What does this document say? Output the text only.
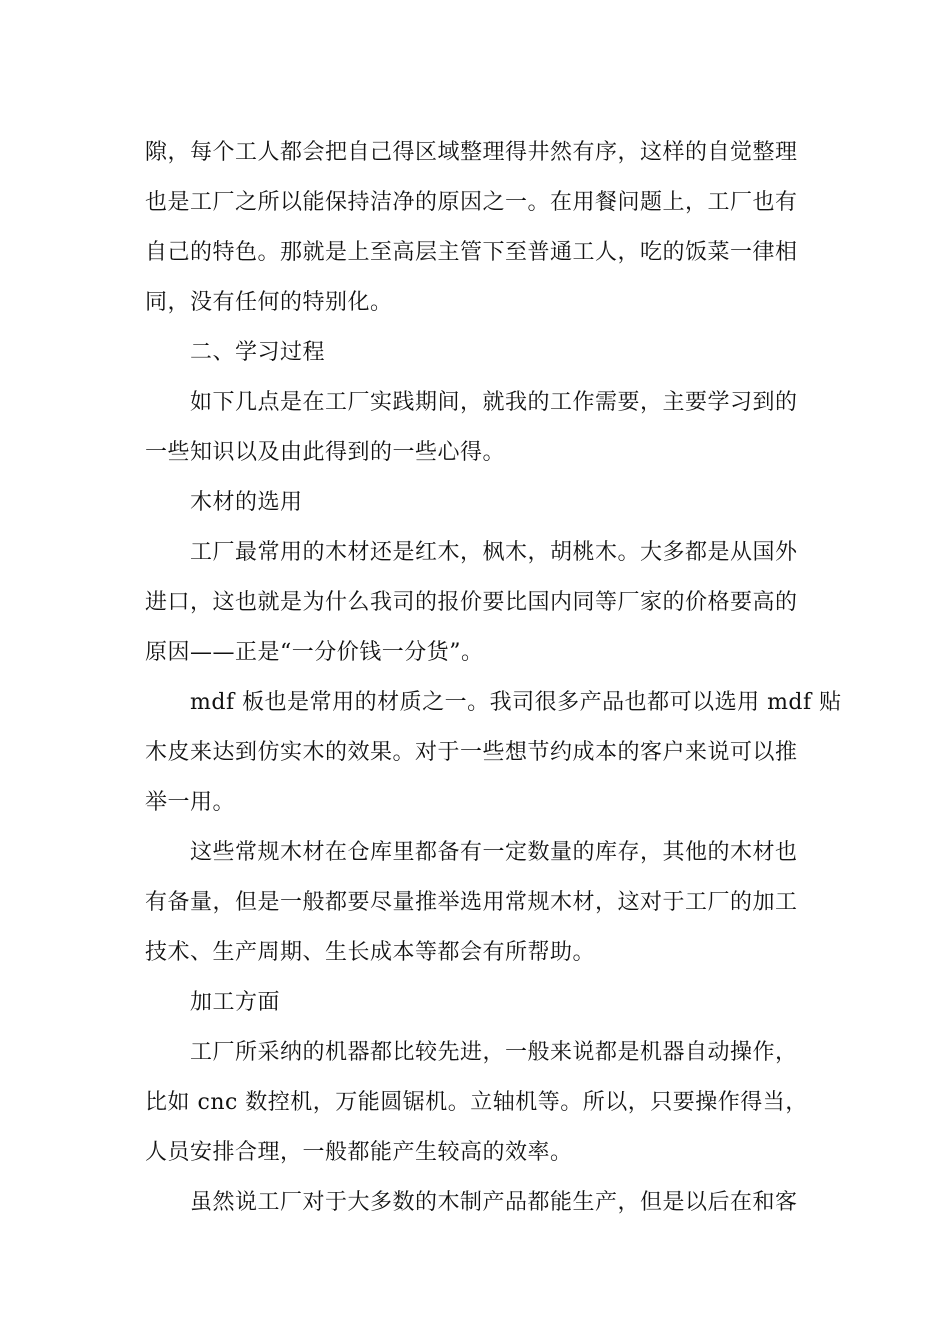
隙，每个工人都会把自己得区域整理得井然有序，这样的自觉整理
也是工厂之所以能保持洁净的原因之一。在用餐问题上，工厂也有
自己的特色。那就是上至高层主管下至普通工人，吃的饭菜一律相
同，没有任何的特别化。

二、学习过程

如下几点是在工厂实践期间，就我的工作需要，主要学习到的
一些知识以及由此得到的一些心得。

木材的选用

工厂最常用的木材还是红木，枫木，胡桃木。大多都是从国外
进口，这也就是为什么我司的报价要比国内同等厂家的价格要高的
原因——正是“一分价钱一分货”。

mdf 板也是常用的材质之一。我司很多产品也都可以选用 mdf 贴
木皮来达到仿实木的效果。对于一些想节约成本的客户来说可以推
举一用。

这些常规木材在仓库里都备有一定数量的库存，其他的木材也
有备量，但是一般都要尽量推举选用常规木材，这对于工厂的加工
技术、生产周期、生长成本等都会有所帮助。

加工方面

工厂所采纳的机器都比较先进，一般来说都是机器自动操作，
比如 cnc 数控机，万能圆锯机。立轴机等。所以，只要操作得当，
人员安排合理，一般都能产生较高的效率。

虽然说工厂对于大多数的木制产品都能生产，但是以后在和客
